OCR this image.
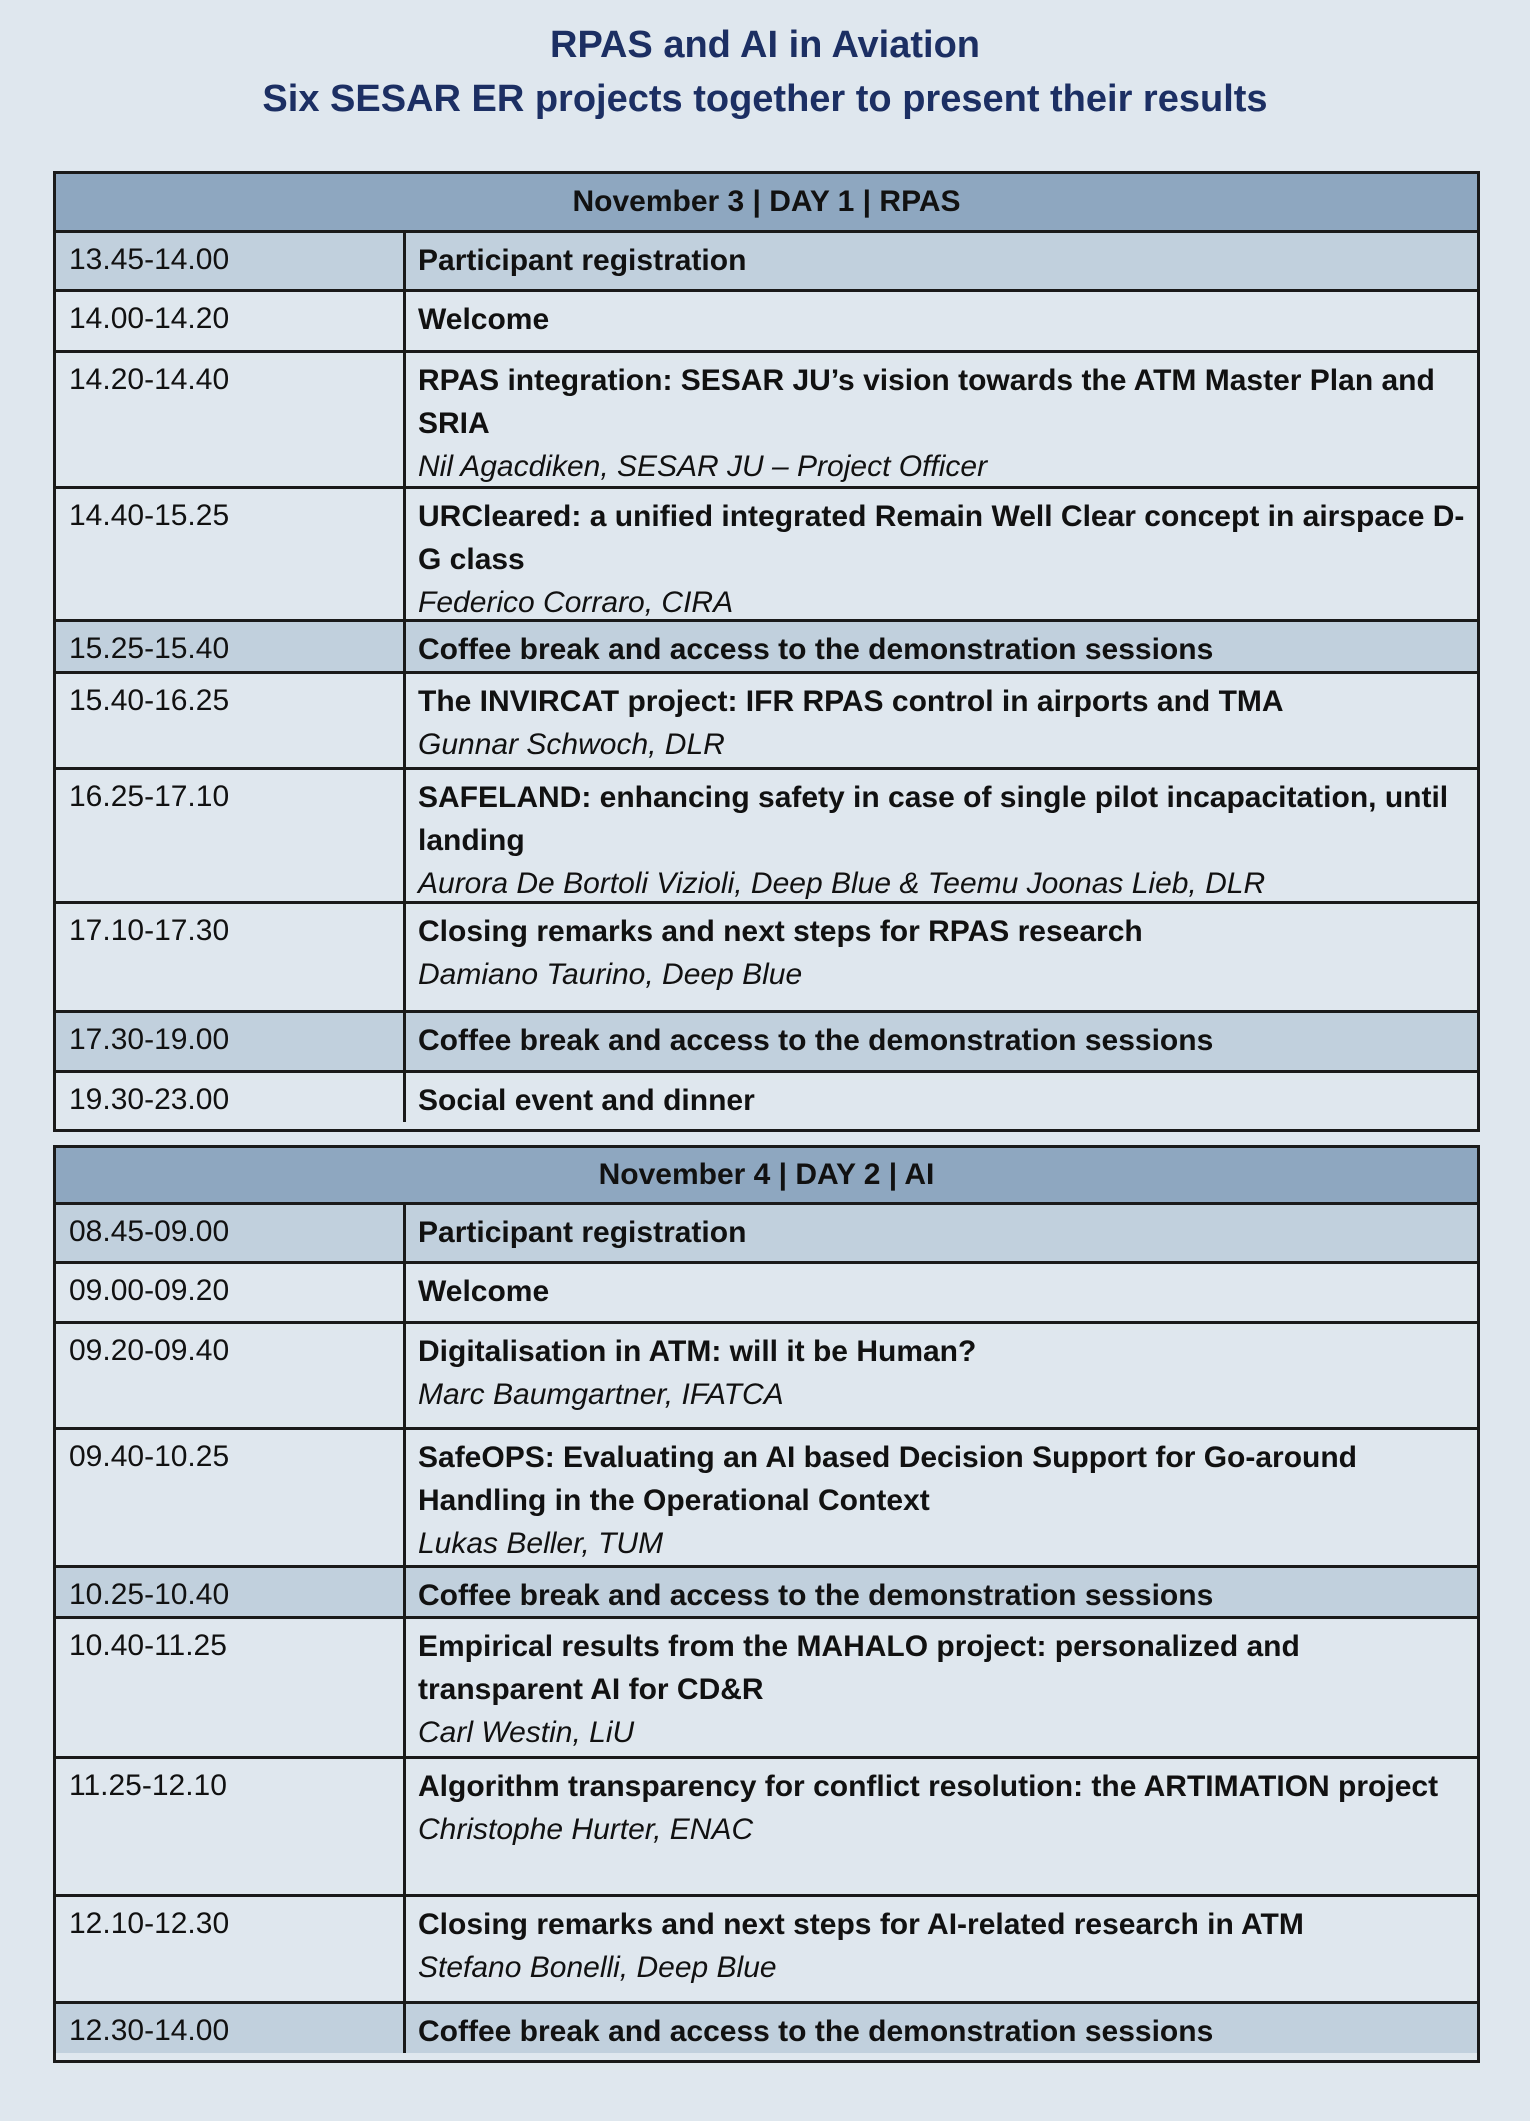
RPAS and AI in Aviation
Six SESAR ER projects together to present their results
November 3 | DAY 1 | RPAS
13.45-14.00	Participant registration
14.00-14.20	Welcome
14.20-14.40	RPAS integration: SESAR JU’s vision towards the ATM Master Plan and SRIA
Nil Agacdiken, SESAR JU – Project Officer
14.40-15.25	URCleared: a unified integrated Remain Well Clear concept in airspace D-G class
Federico Corraro, CIRA
15.25-15.40	Coffee break and access to the demonstration sessions
15.40-16.25	The INVIRCAT project: IFR RPAS control in airports and TMA
Gunnar Schwoch, DLR
16.25-17.10	SAFELAND: enhancing safety in case of single pilot incapacitation, until landing
Aurora De Bortoli Vizioli, Deep Blue & Teemu Joonas Lieb, DLR
17.10-17.30	Closing remarks and next steps for RPAS research
Damiano Taurino, Deep Blue
17.30-19.00	Coffee break and access to the demonstration sessions
19.30-23.00	Social event and dinner
November 4 | DAY 2 | AI
08.45-09.00	Participant registration
09.00-09.20	Welcome
09.20-09.40	Digitalisation in ATM: will it be Human?
Marc Baumgartner, IFATCA
09.40-10.25	SafeOPS: Evaluating an AI based Decision Support for Go-around Handling in the Operational Context
Lukas Beller, TUM
10.25-10.40	Coffee break and access to the demonstration sessions
10.40-11.25	Empirical results from the MAHALO project: personalized and transparent AI for CD&R
Carl Westin, LiU
11.25-12.10	Algorithm transparency for conflict resolution: the ARTIMATION project
Christophe Hurter, ENAC
12.10-12.30	Closing remarks and next steps for AI-related research in ATM
Stefano Bonelli, Deep Blue
12.30-14.00	Coffee break and access to the demonstration sessions
